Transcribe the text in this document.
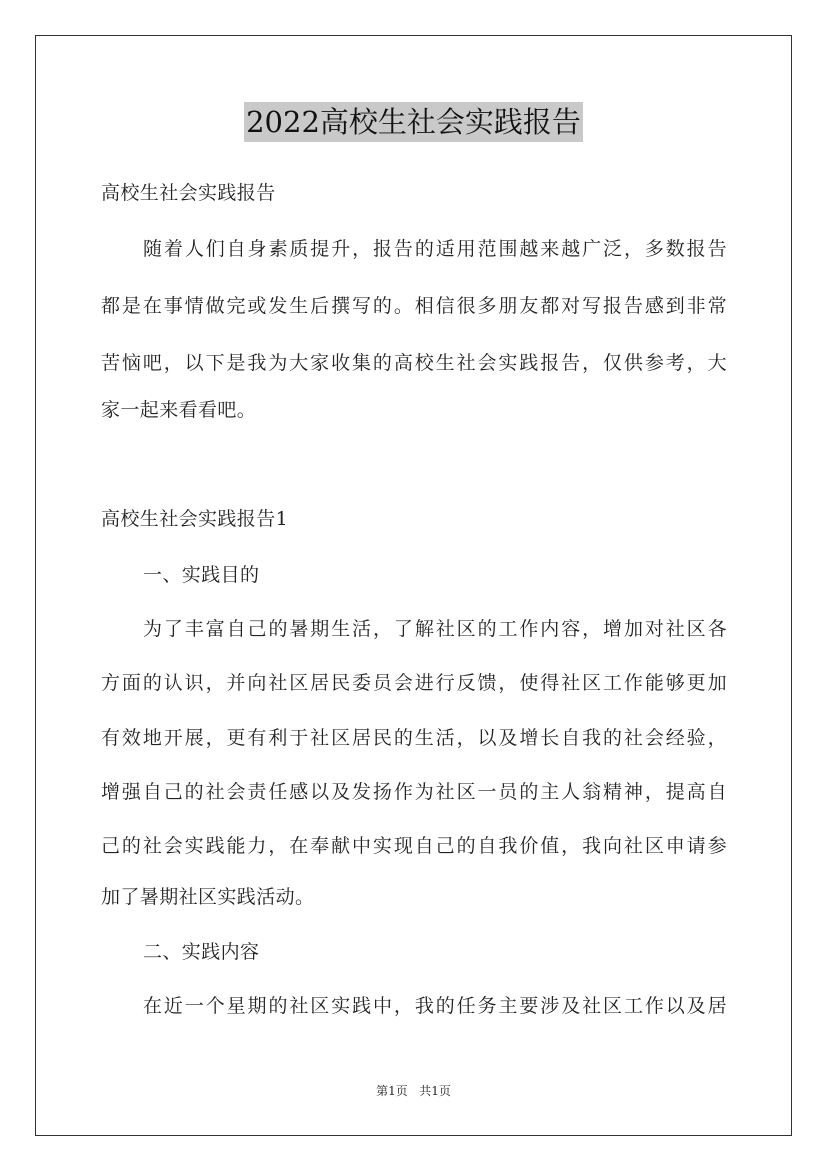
2022高校生社会实践报告
高校生社会实践报告
随着人们自身素质提升，报告的适用范围越来越广泛，多数报告
都是在事情做完或发生后撰写的。相信很多朋友都对写报告感到非常
苦恼吧，以下是我为大家收集的高校生社会实践报告，仅供参考，大
家一起来看看吧。
高校生社会实践报告1
一、实践目的
为了丰富自己的暑期生活，了解社区的工作内容，增加对社区各
方面的认识，并向社区居民委员会进行反馈，使得社区工作能够更加
有效地开展，更有利于社区居民的生活，以及增长自我的社会经验，
增强自己的社会责任感以及发扬作为社区一员的主人翁精神，提高自
己的社会实践能力，在奉献中实现自己的自我价值，我向社区申请参
加了暑期社区实践活动。
二、实践内容
在近一个星期的社区实践中，我的任务主要涉及社区工作以及居
第1页 共1页
